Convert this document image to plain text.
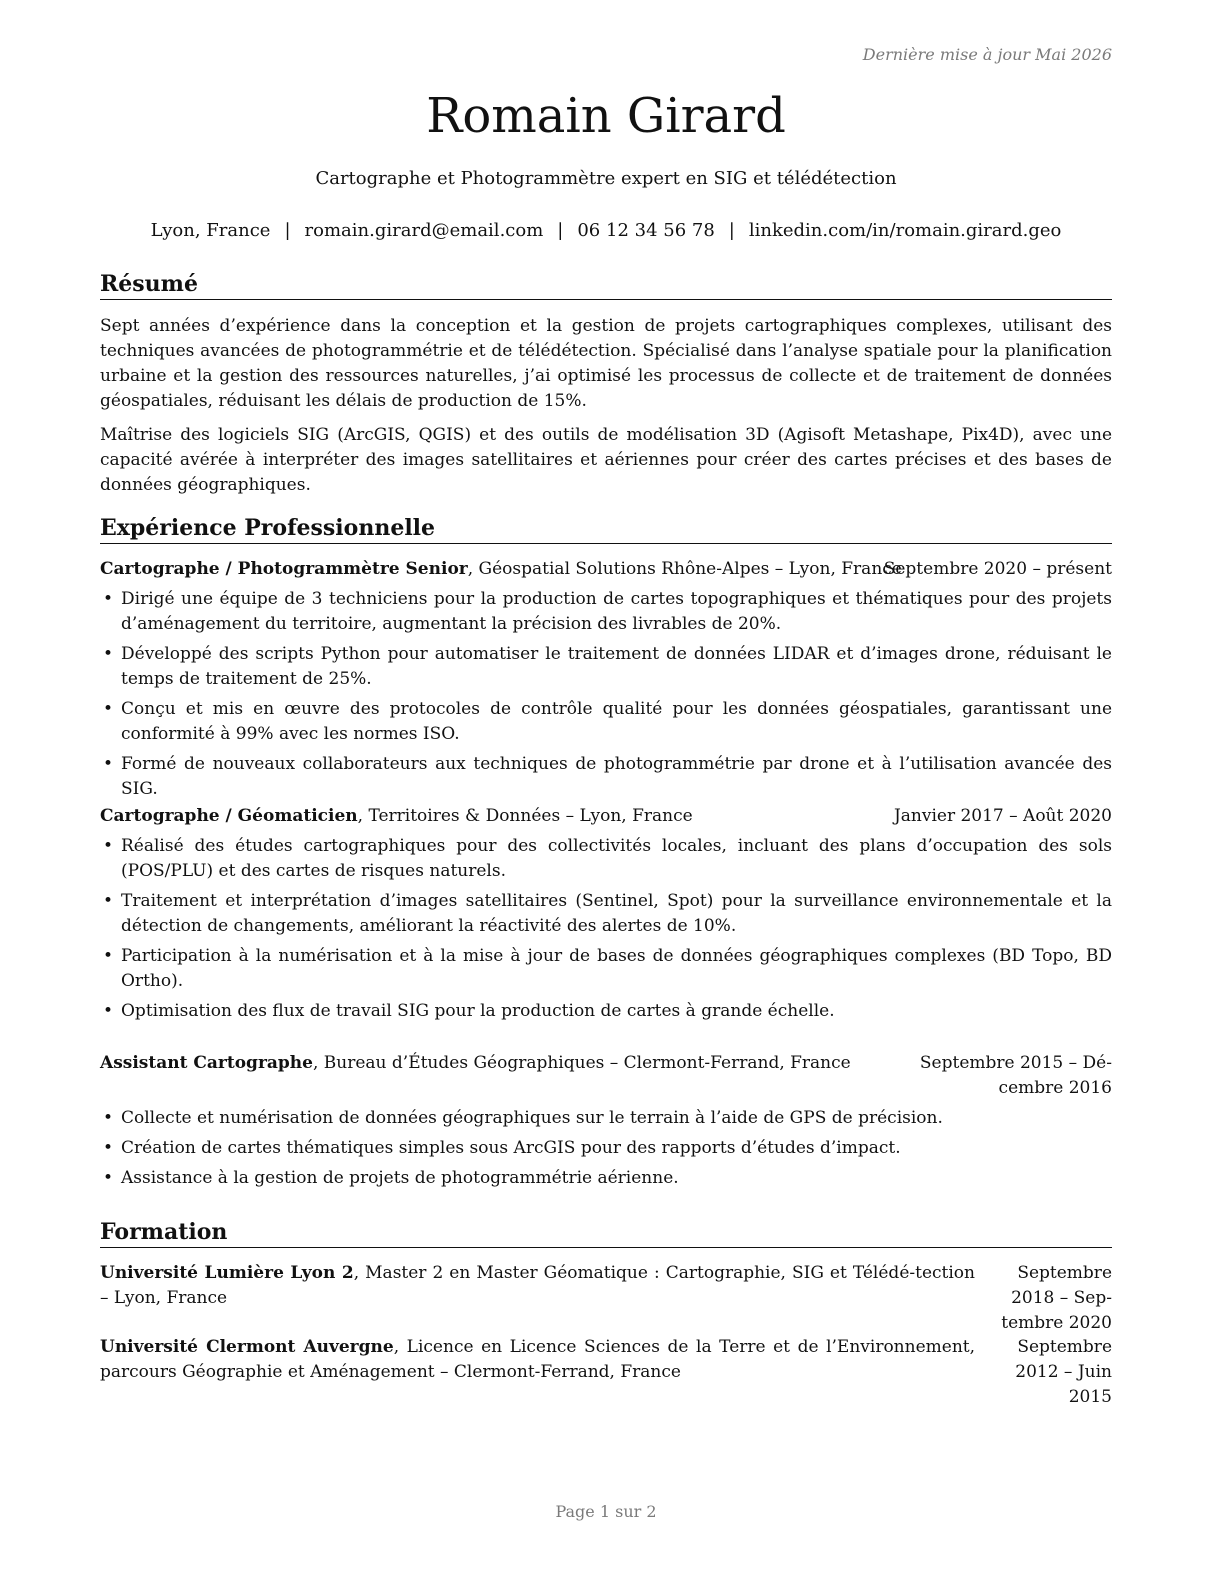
Dernière mise à jour Mai 2026
Romain Girard
Cartographe et Photogrammètre expert en SIG et télédétection
Lyon, France | romain.girard@email.com | 06 12 34 56 78 | linkedin.com/in/romain.girard.geo
Résumé

Sept années d’expérience dans la conception et la gestion de projets cartographiques complexes, utilisant des techniques avancées de photogrammétrie et de télédétection. Spécialisé dans l’analyse spatiale pour la planification urbaine et la gestion des ressources naturelles, j’ai optimisé les processus de collecte et de traitement de données géospatiales, réduisant les délais de production de 15%.

Maîtrise des logiciels SIG (ArcGIS, QGIS) et des outils de modélisation 3D (Agisoft Metashape, Pix4D), avec une capacité avérée à interpréter des images satellitaires et aériennes pour créer des cartes précises et des bases de données géographiques.

Expérience Professionnelle
Cartographe / Photogrammètre Senior, Géospatial Solutions Rhône-Alpes – Lyon, France
Septembre 2020 – présent
• Dirigé une équipe de 3 techniciens pour la production de cartes topographiques et thématiques pour des projets d’aménagement du territoire, augmentant la précision des livrables de 20%.
• Développé des scripts Python pour automatiser le traitement de données LIDAR et d’images drone, réduisant le temps de traitement de 25%.
• Conçu et mis en œuvre des protocoles de contrôle qualité pour les données géospatiales, garantissant une conformité à 99% avec les normes ISO.
• Formé de nouveaux collaborateurs aux techniques de photogrammétrie par drone et à l’utilisation avancée des SIG.
Cartographe / Géomaticien, Territoires & Données – Lyon, France	Janvier 2017 – Août 2020
• Réalisé des études cartographiques pour des collectivités locales, incluant des plans d’occupation des sols (POS/PLU) et des cartes de risques naturels.
• Traitement et interprétation d’images satellitaires (Sentinel, Spot) pour la surveillance environnementale et la détection de changements, améliorant la réactivité des alertes de 10%.
• Participation à la numérisation et à la mise à jour de bases de données géographiques complexes (BD Topo, BD Ortho).
• Optimisation des flux de travail SIG pour la production de cartes à grande échelle.
Assistant Cartographe, Bureau d’Études Géographiques – Clermont-Ferrand, France	Septembre 2015 – Dé-
cembre 2016
• Collecte et numérisation de données géographiques sur le terrain à l’aide de GPS de précision.
• Création de cartes thématiques simples sous ArcGIS pour des rapports d’études d’impact.
• Assistance à la gestion de projets de photogrammétrie aérienne.
Formation
Université Lumière Lyon 2, Master 2 en Master Géomatique : Cartographie, SIG et Télédé-tection – Lyon, France
Septembre 2018 – Sep-
tembre 2020
Université Clermont Auvergne, Licence en Licence Sciences de la Terre et de l’Environnement, parcours Géographie et Aménagement – Clermont-Ferrand, France
Septembre 2012 – Juin
2015
Page 1 sur 2
